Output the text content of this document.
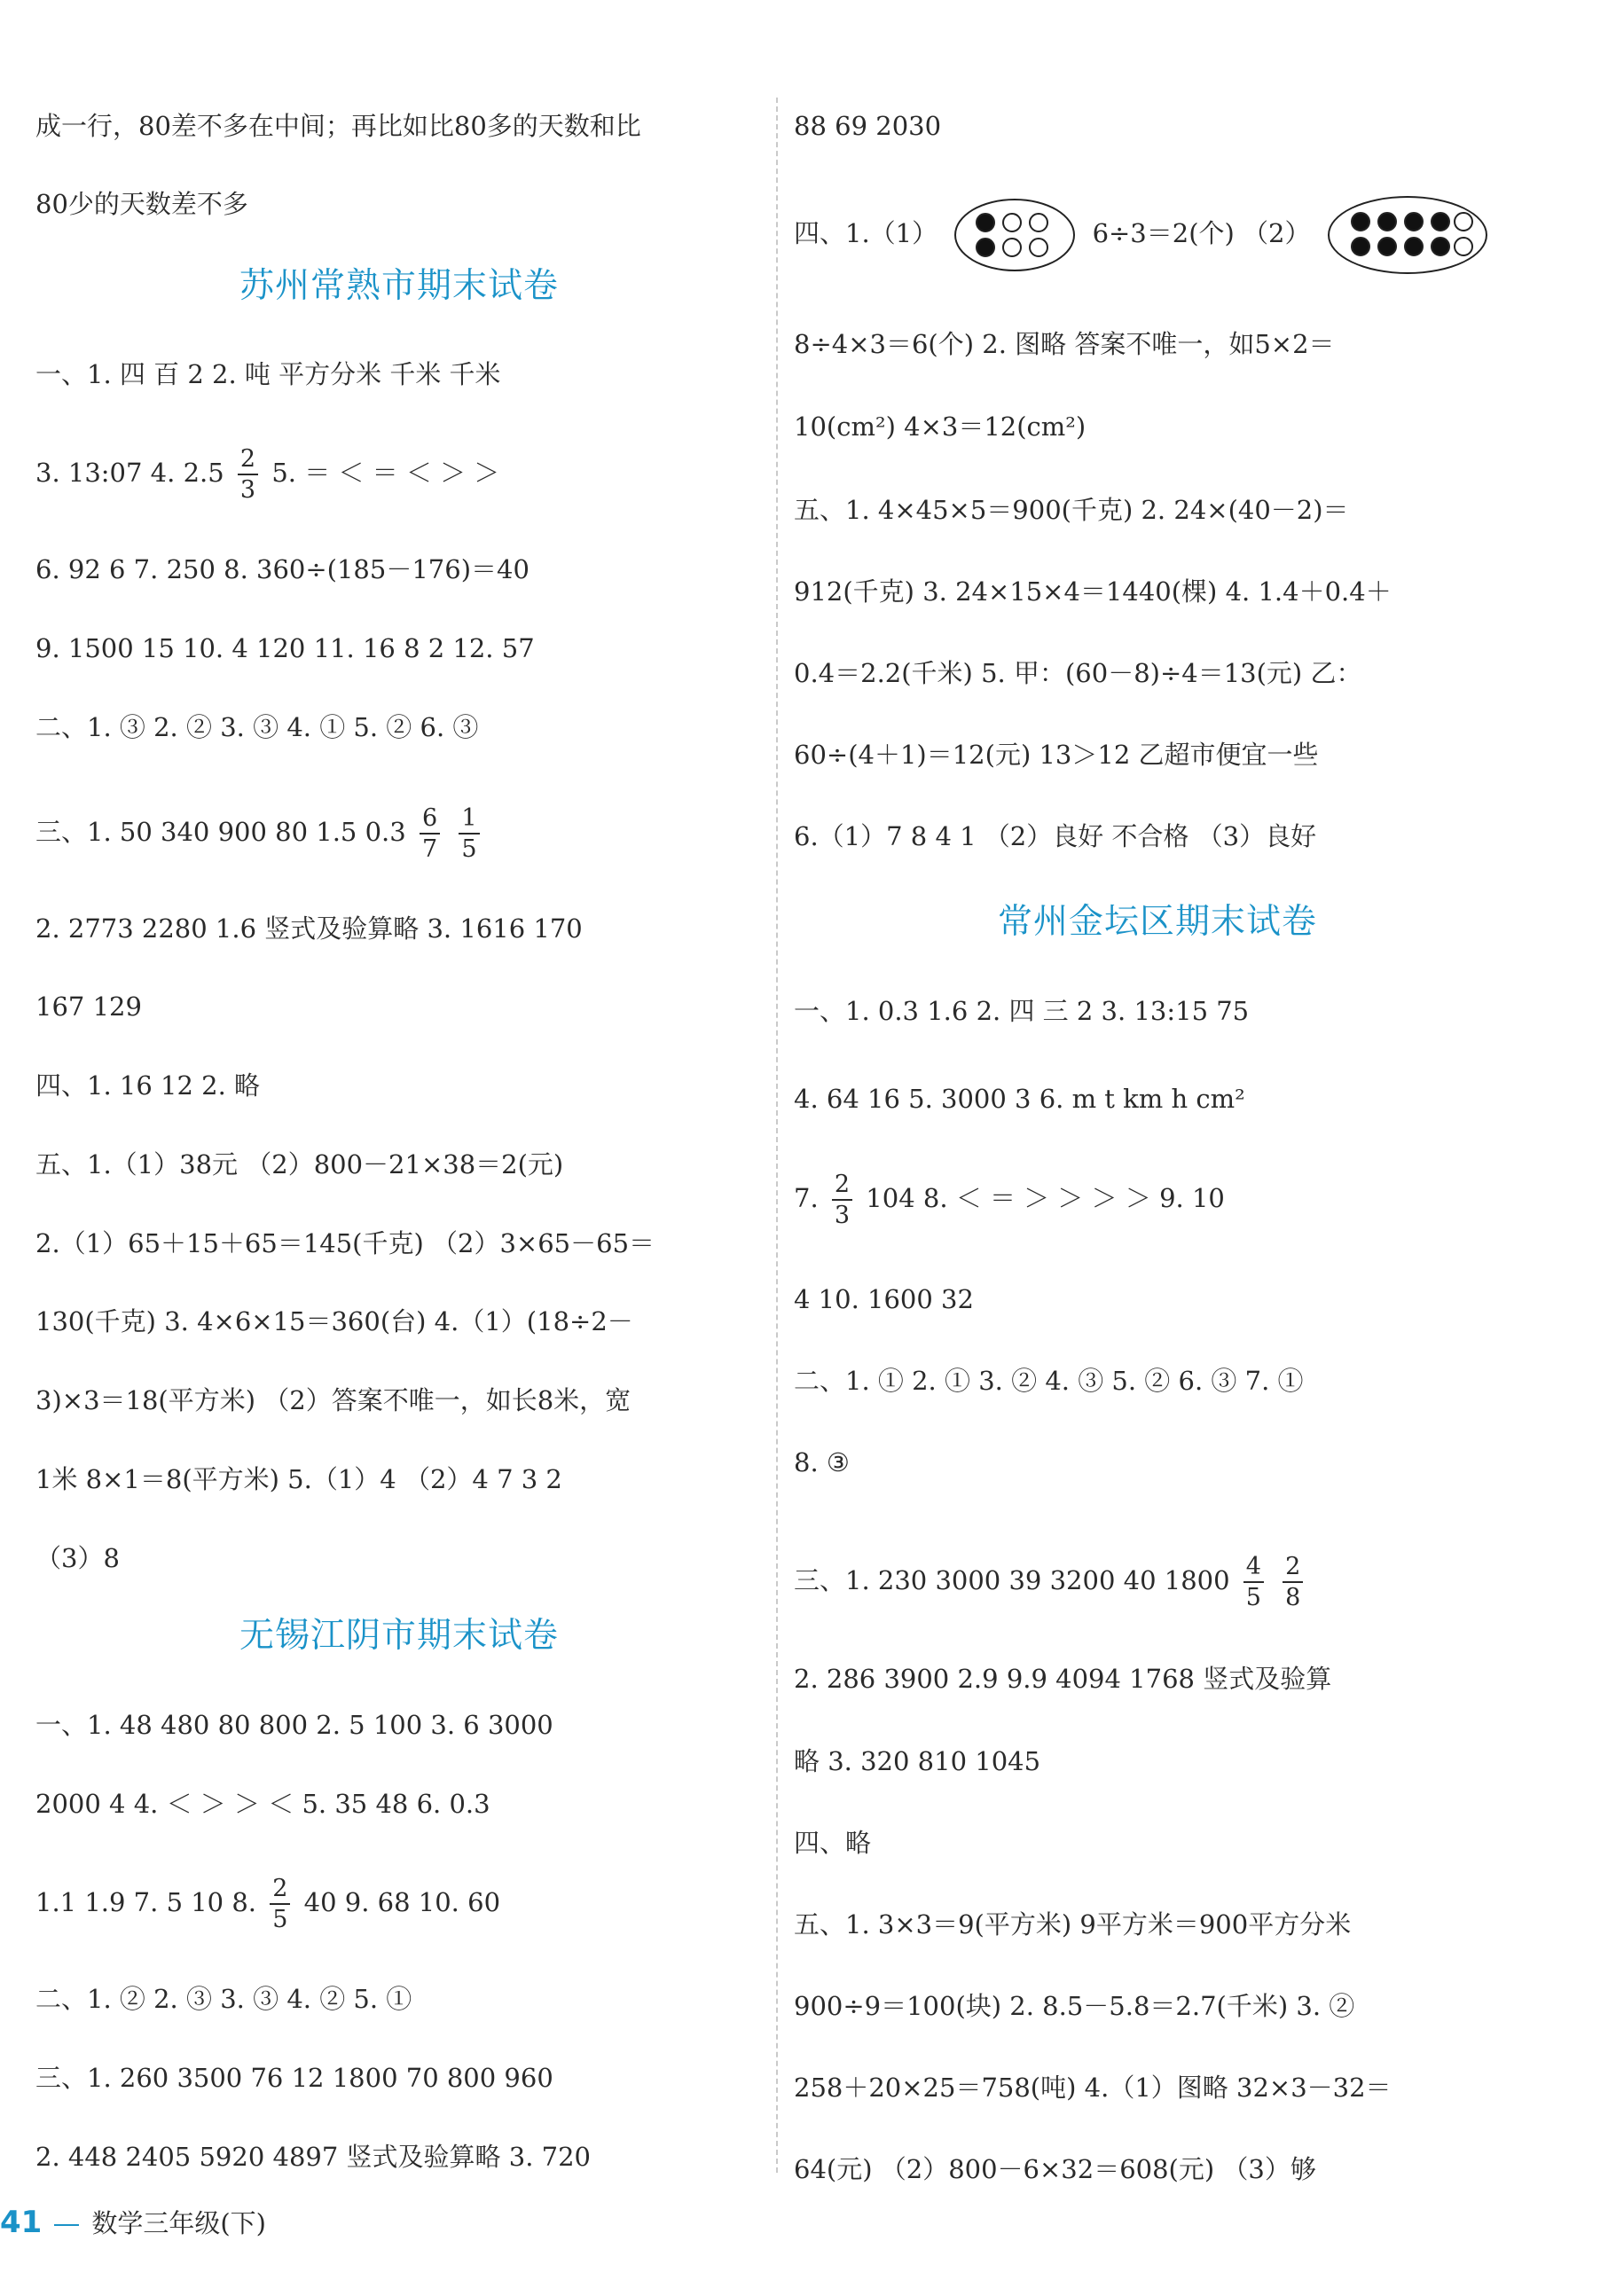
成一行，80差不多在中间；再比如比80多的天数和比
80少的天数差不多
苏州常熟市期末试卷
一、1. 四 百 2 2. 吨 平方分米 千米 千米
3. 13:07 4. $2.5 \frac{2}{3} 5$. ＝ ＜ ＝ ＜ ＞ ＞
6. 92 6 7. 250 8. 360÷(185－176)＝40
9. 1500 15 10. 4 120 11. 16 8 2 12. 57
二、1. ③ 2. ② 3. ③ 4. ① 5. ② 6. ③
三、1. 50 340 900 80 1.5 $0.3 \frac{6}{7}$
$\frac{1}{5}$
2. 2773 2280 1.6 竖式及验算略 3. 1616 170
167 129
四、1. 16 12 2. 略
五、1.（1）38元 （2）800－21×38＝2(元)
2.（1）65＋15＋65＝145(千克) （2）3×65－65＝
130(千克) 3. 4×6×15＝360(台) 4.（1）(18÷2－
3)×3＝18(平方米) （2）答案不唯一，如长8米，宽
1米 8×1＝8(平方米) 5.（1）4 （2）4 7 3 2
（3）8
无锡江阴市期末试卷
一、1. 48 480 80 800 2. 5 100 3. 6 3000
2000 4 4. ＜ ＞ ＞ ＜ 5. 35 48 6. 0.3
1.1 1.9 7. 5 10 8. $\frac{2}{5} 40$ 9. 68 10. 60
二、1. ② 2. ③ 3. ③ 4. ② 5. ①
三、1. 260 3500 76 12 1800 70 800 960
2. 448 2405 5920 4897 竖式及验算略 3. 720
41 数学三年级(下)
88 69 2030
四、1.（1）	6÷3＝2(个) （2）
8÷4×3＝6(个) 2. 图略 答案不唯一，如5×2＝
10(cm²) 4×3＝12(cm²)
五、1. 4×45×5＝900(千克) 2. 24×(40－2)＝
912(千克) 3. 24×15×4＝1440(棵) 4. 1.4＋0.4＋
0.4＝2.2(千米) 5. 甲：(60－8)÷4＝13(元) 乙：
60÷(4＋1)＝12(元) 13＞12 乙超市便宜一些
6.（1）7 8 4 1 （2）良好 不合格 （3）良好
常州金坛区期末试卷
一、1. 0.3 1.6 2. 四 三 2 3. 13:15 75
4. 64 16 5. 3000 3 6. m t km h cm²
7. $\frac{2}{3} 104$ 8. ＜ ＝ ＞ ＞ ＞ ＞ 9. 10
4 10. 1600 32
二、1. ① 2. ① 3. ② 4. ③ 5. ② 6. ③ 7. ①
8. ③
三、1. 230 3000 39 3200 40 $1800 \frac{4}{5}$
$\frac{2}{8}$
2. 286 3900 2.9 9.9 4094 1768 竖式及验算
略 3. 320 810 1045
四、略
五、1. 3×3＝9(平方米) 9平方米＝900平方分米
900÷9＝100(块) 2. 8.5－5.8＝2.7(千米) 3. ②
258＋20×25＝758(吨) 4.（1）图略 32×3－32＝
64(元) （2）800－6×32＝608(元) （3）够
